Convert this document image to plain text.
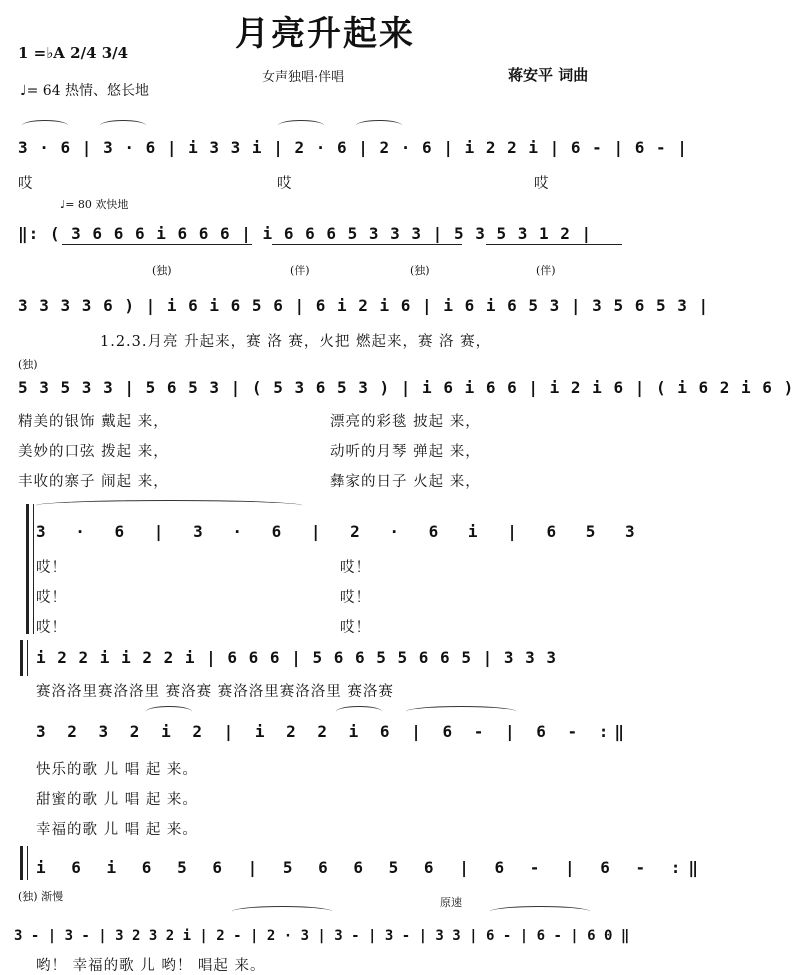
月亮升起来
1 =♭A 2/4 3/4
女声独唱·伴唱	蒋安平 词曲
♩= 64 热情、悠长地
3 · 6 | 3 · 6 | i 3 3 i | 2 · 6 | 2 · 6 | i 2 2 i | 6 - | 6 - |
哎	哎	哎
♩= 80 欢快地
‖: ( 3 6 6 6 i 6 6 6 | i 6 6 6 5 3 3 3 | 5 3 5 3 1 2 |
(独)	(伴)	(独)	(伴)
3 3 3 3 6 ) | i 6 i 6 5 6 | 6 i 2 i 6 | i 6 i 6 5 3 | 3 5 6 5 3 |
1.2.3.月亮 升起来，赛 洛 赛，火把 燃起来，赛 洛 赛，
(独)
5 3 5 3 3 | 5 6 5 3 | ( 5 3 6 5 3 ) | i 6 i 6 6 | i 2 i 6 | ( i 6 2 i 6 )
精美的银饰 戴起 来，	漂亮的彩毯 披起 来，
美妙的口弦 拨起 来，	动听的月琴 弹起 来，
丰收的寨子 闹起 来，	彝家的日子 火起 来，
3 · 6 | 3 · 6 | 2 · 6 i | 6 5 3
哎！	哎！
哎！	哎！
哎！	哎！
i 2 2 i i 2 2 i | 6 6 6 | 5 6 6 5 5 6 6 5 | 3 3 3
赛洛洛里赛洛洛里 赛洛赛 赛洛洛里赛洛洛里 赛洛赛
3 2 3 2 i 2 | i 2 2 i 6 | 6 - | 6 - :‖
快乐的歌 儿 唱 起 来。
甜蜜的歌 儿 唱 起 来。
幸福的歌 儿 唱 起 来。
i 6 i 6 5 6 | 5 6 6 5 6 | 6 - | 6 - :‖
(独) 渐慢	原速
3 - | 3 - | 3 2 3 2 i | 2 - | 2 · 3 | 3 - | 3 - | 3 3 | 6 - | 6 - | 6 0 ‖
哟！ 幸福的歌 儿 哟！ 唱起 来。
